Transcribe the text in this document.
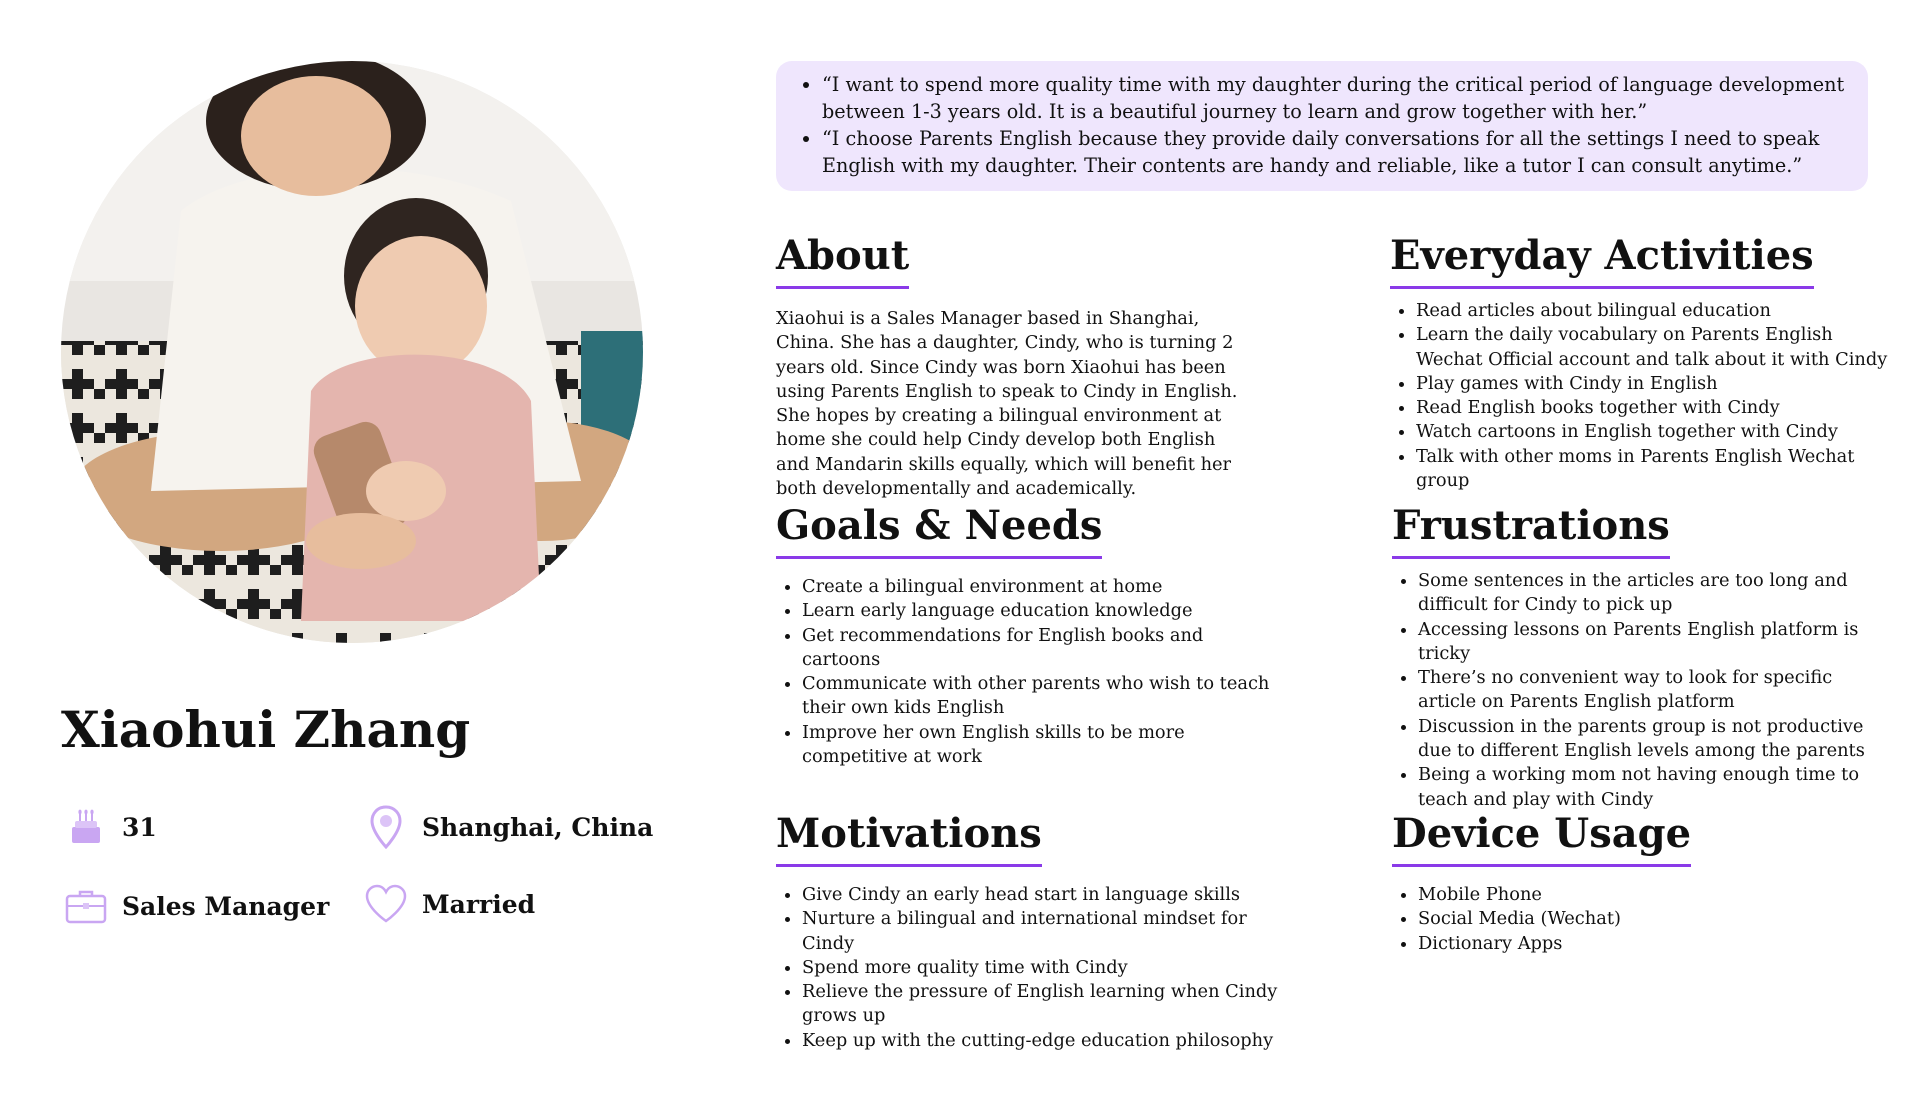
Xiaohui Zhang
31	Shanghai, China
Sales Manager	Married
• “I want to spend more quality time with my daughter during the critical period of language development between 1-3 years old. It is a beautiful journey to learn and grow together with her.”
• “I choose Parents English because they provide daily conversations for all the settings I need to speak English with my daughter. Their contents are handy and reliable, like a tutor I can consult anytime.”
About

Xiaohui is a Sales Manager based in Shanghai, China. She has a daughter, Cindy, who is turning 2 years old. Since Cindy was born Xiaohui has been using Parents English to speak to Cindy in English. She hopes by creating a bilingual environment at home she could help Cindy develop both English and Mandarin skills equally, which will benefit her both developmentally and academically.

Goals & Needs
• Create a bilingual environment at home
• Learn early language education knowledge
• Get recommendations for English books and cartoons
• Communicate with other parents who wish to teach their own kids English
• Improve her own English skills to be more competitive at work
Motivations
• Give Cindy an early head start in language skills
• Nurture a bilingual and international mindset for Cindy
• Spend more quality time with Cindy
• Relieve the pressure of English learning when Cindy grows up
• Keep up with the cutting-edge education philosophy
Everyday Activities
• Read articles about bilingual education
• Learn the daily vocabulary on Parents English Wechat Official account and talk about it with Cindy
• Play games with Cindy in English
• Read English books together with Cindy
• Watch cartoons in English together with Cindy
• Talk with other moms in Parents English Wechat group
Frustrations
• Some sentences in the articles are too long and difficult for Cindy to pick up
• Accessing lessons on Parents English platform is tricky
• There’s no convenient way to look for specific article on Parents English platform
• Discussion in the parents group is not productive due to different English levels among the parents
• Being a working mom not having enough time to teach and play with Cindy
Device Usage
• Mobile Phone
• Social Media (Wechat)
• Dictionary Apps
